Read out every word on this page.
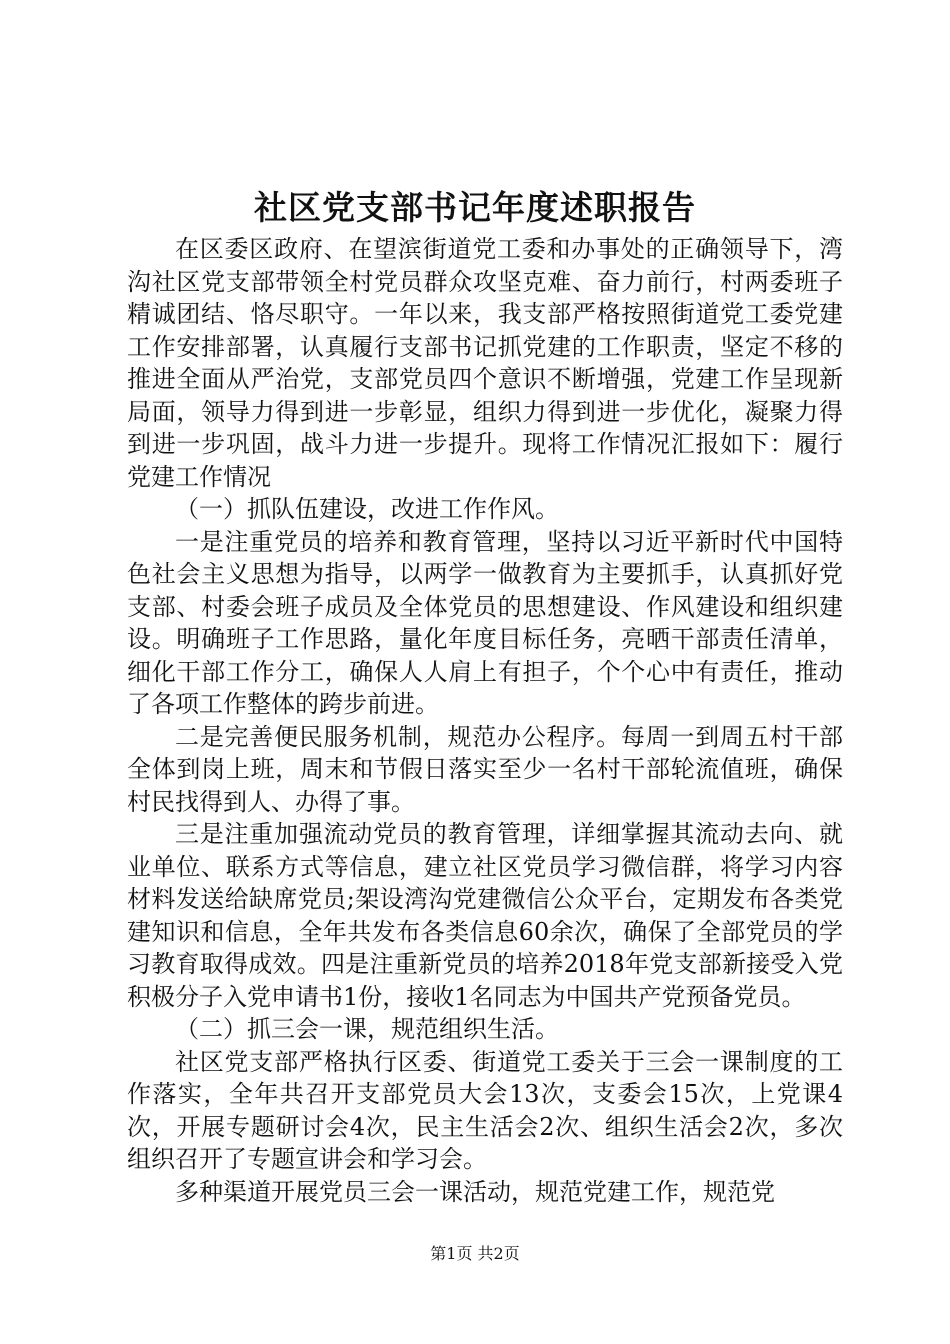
社区党支部书记年度述职报告

在区委区政府、在望滨街道党工委和办事处的正确领导下，湾沟社区党支部带领全村党员群众攻坚克难、奋力前行，村两委班子精诚团结、恪尽职守。一年以来，我支部严格按照街道党工委党建工作安排部署，认真履行支部书记抓党建的工作职责，坚定不移的推进全面从严治党，支部党员四个意识不断增强，党建工作呈现新局面，领导力得到进一步彰显，组织力得到进一步优化，凝聚力得到进一步巩固，战斗力进一步提升。现将工作情况汇报如下：履行党建工作情况

（一）抓队伍建设，改进工作作风。

一是注重党员的培养和教育管理，坚持以习近平新时代中国特色社会主义思想为指导，以两学一做教育为主要抓手，认真抓好党支部、村委会班子成员及全体党员的思想建设、作风建设和组织建设。明确班子工作思路，量化年度目标任务，亮晒干部责任清单，细化干部工作分工，确保人人肩上有担子，个个心中有责任，推动了各项工作整体的跨步前进。

二是完善便民服务机制，规范办公程序。每周一到周五村干部全体到岗上班，周末和节假日落实至少一名村干部轮流值班，确保村民找得到人、办得了事。

三是注重加强流动党员的教育管理，详细掌握其流动去向、就业单位、联系方式等信息，建立社区党员学习微信群，将学习内容材料发送给缺席党员;架设湾沟党建微信公众平台，定期发布各类党建知识和信息，全年共发布各类信息60余次，确保了全部党员的学习教育取得成效。四是注重新党员的培养2018年党支部新接受入党积极分子入党申请书1份，接收1名同志为中国共产党预备党员。

（二）抓三会一课，规范组织生活。

社区党支部严格执行区委、街道党工委关于三会一课制度的工作落实，全年共召开支部党员大会13次，支委会15次，上党课4次，开展专题研讨会4次，民主生活会2次、组织生活会2次，多次组织召开了专题宣讲会和学习会。

多种渠道开展党员三会一课活动，规范党建工作，规范党

第1页 共2页
